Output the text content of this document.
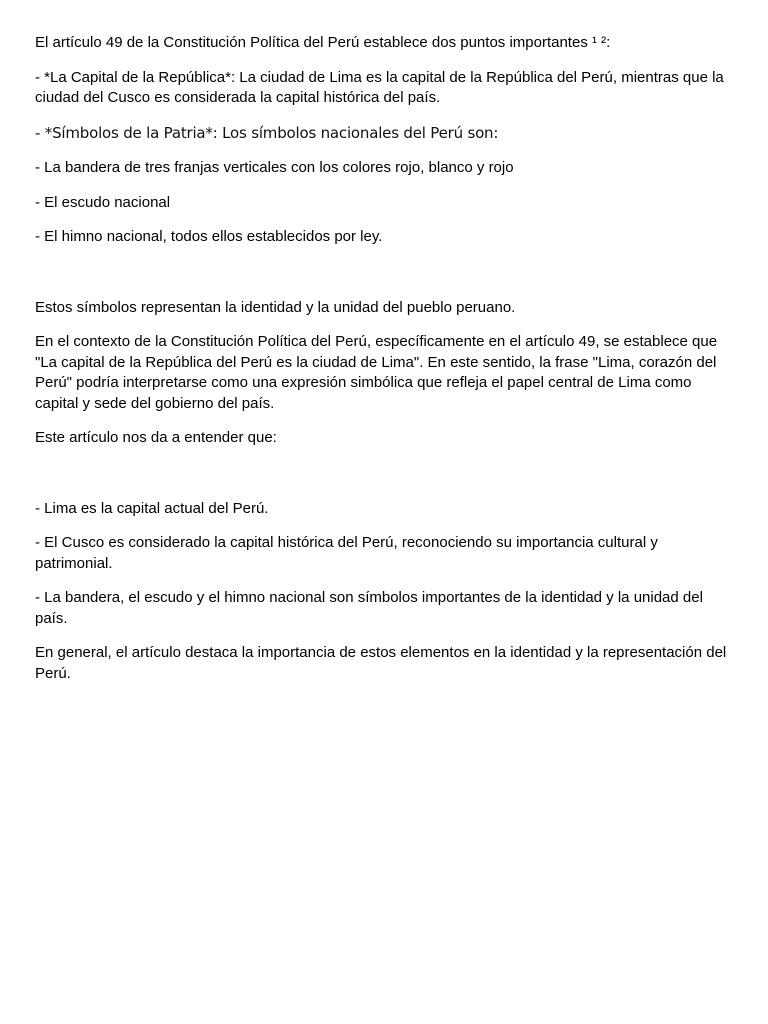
El artículo 49 de la Constitución Política del Perú establece dos puntos importantes ¹ ²:

- *La Capital de la República*: La ciudad de Lima es la capital de la República del Perú, mientras que la ciudad del Cusco es considerada la capital histórica del país.

- *Símbolos de la Patria*: Los símbolos nacionales del Perú son:

- La bandera de tres franjas verticales con los colores rojo, blanco y rojo

- El escudo nacional

- El himno nacional, todos ellos establecidos por ley.

Estos símbolos representan la identidad y la unidad del pueblo peruano.

En el contexto de la Constitución Política del Perú, específicamente en el artículo 49, se establece que "La capital de la República del Perú es la ciudad de Lima". En este sentido, la frase "Lima, corazón del Perú" podría interpretarse como una expresión simbólica que refleja el papel central de Lima como capital y sede del gobierno del país.

Este artículo nos da a entender que:

- Lima es la capital actual del Perú.

- El Cusco es considerado la capital histórica del Perú, reconociendo su importancia cultural y patrimonial.

- La bandera, el escudo y el himno nacional son símbolos importantes de la identidad y la unidad del país.

En general, el artículo destaca la importancia de estos elementos en la identidad y la representación del Perú.
